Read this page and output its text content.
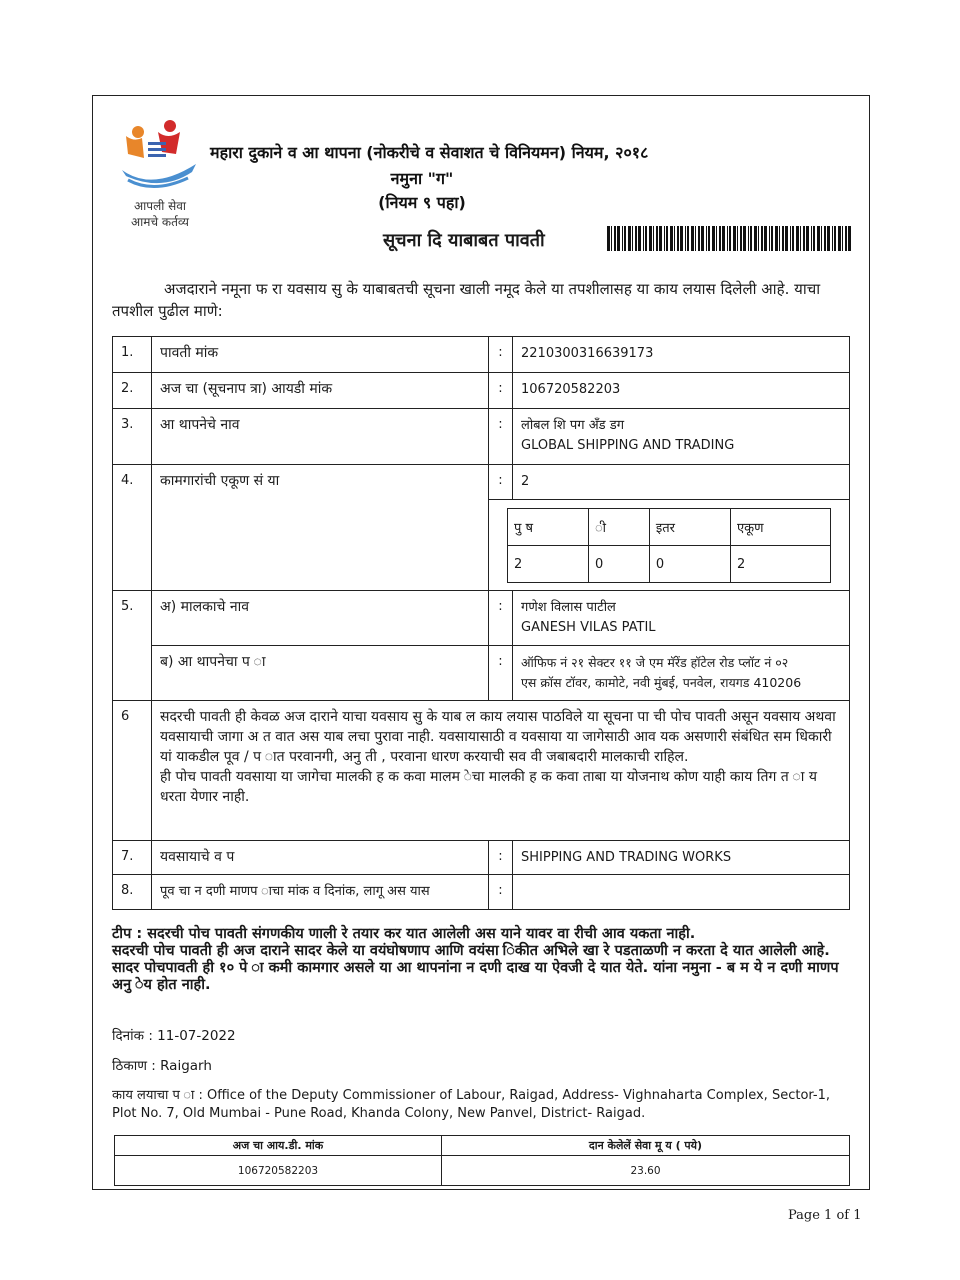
आपली सेवा
आमचे कर्तव्य
महारा दुकाने व आ थापना (नोकरीचे व सेवाशत चे विनियमन) नियम, २०१८
नमुना "ग"
(नियम ९ पहा)
सूचना दि याबाबत पावती
अजदाराने नमूना फ रा यवसाय सु के याबाबतची सूचना खाली नमूद केले या तपशीलासह या काय लयास दिलेली आहे. याचा तपशील पुढील माणे:
1.	पावती मांक	:	2210300316639173
2.	अज चा (सूचनाप त्रा) आयडी मांक	:	106720582203
3.	आ थापनेचे नाव	:	लोबल शि पग अँड डग
GLOBAL SHIPPING AND TRADING
4.	कामगारांची एकूण सं या	:	2
पु ष	ी	इतर	एकूण
2	0	0	2
5.	अ) मालकाचे नाव	:	गणेश विलास पाटील
GANESH VILAS PATIL
ब) आ थापनेचा प ा	:	ऑफिफ नं २१ सेक्टर ११ जे एम मॅरेंड हॉटेल रोड प्लॉट नं ०२
एस क्रॉस टॉवर, कामोटे, नवी मुंबई, पनवेल, रायगड 410206
6	सदरची पावती ही केवळ अज दाराने याचा यवसाय सु के याब ल काय लयास पाठविले या सूचना पा ची पोच पावती असून यवसाय अथवा यवसायाची जागा अ त वात अस याब लचा पुरावा नाही. यवसायासाठी व यवसाया या जागेसाठी आव यक असणारी संबंधित सम धिकारी यां याकडील पूव / प ात परवानगी, अनु ती , परवाना धारण करयाची सव वी जबाबदारी मालकाची राहिल.
ही पोच पावती यवसाया या जागेचा मालकी ह क कवा मालम ेचा मालकी ह क कवा ताबा या योजनाथ कोण याही काय तिग त ा य धरता येणार नाही.
7.	यवसायाचे व प	:	SHIPPING AND TRADING WORKS
8.	पूव चा न दणी माणप ाचा मांक व दिनांक, लागू अस यास	:
टीप : सदरची पोच पावती संगणकीय णाली रे तयार कर यात आलेली अस याने यावर वा रीची आव यकता नाही.
सदरची पोच पावती ही अज दाराने सादर केले या वयंघोषणाप आणि वयंसा िकीत अभिले खा रे पडताळणी न करता दे यात आलेली आहे.
सादर पोचपावती ही १० पे ा कमी कामगार असले या आ थापनांना न दणी दाख या ऐवजी दे यात येते. यांना नमुना - ब म ये न दणी माणप अनु ेय होत नाही.
दिनांक : 11-07-2022
ठिकाण : Raigarh
काय लयाचा प ा : Office of the Deputy Commissioner of Labour, Raigad, Address- Vighnaharta Complex, Sector-1, Plot No. 7, Old Mumbai - Pune Road, Khanda Colony, New Panvel, District- Raigad.
अज चा आय.डी. मांक	दान केलेलें सेवा मू य ( पये)
106720582203	23.60
Page 1 of 1
